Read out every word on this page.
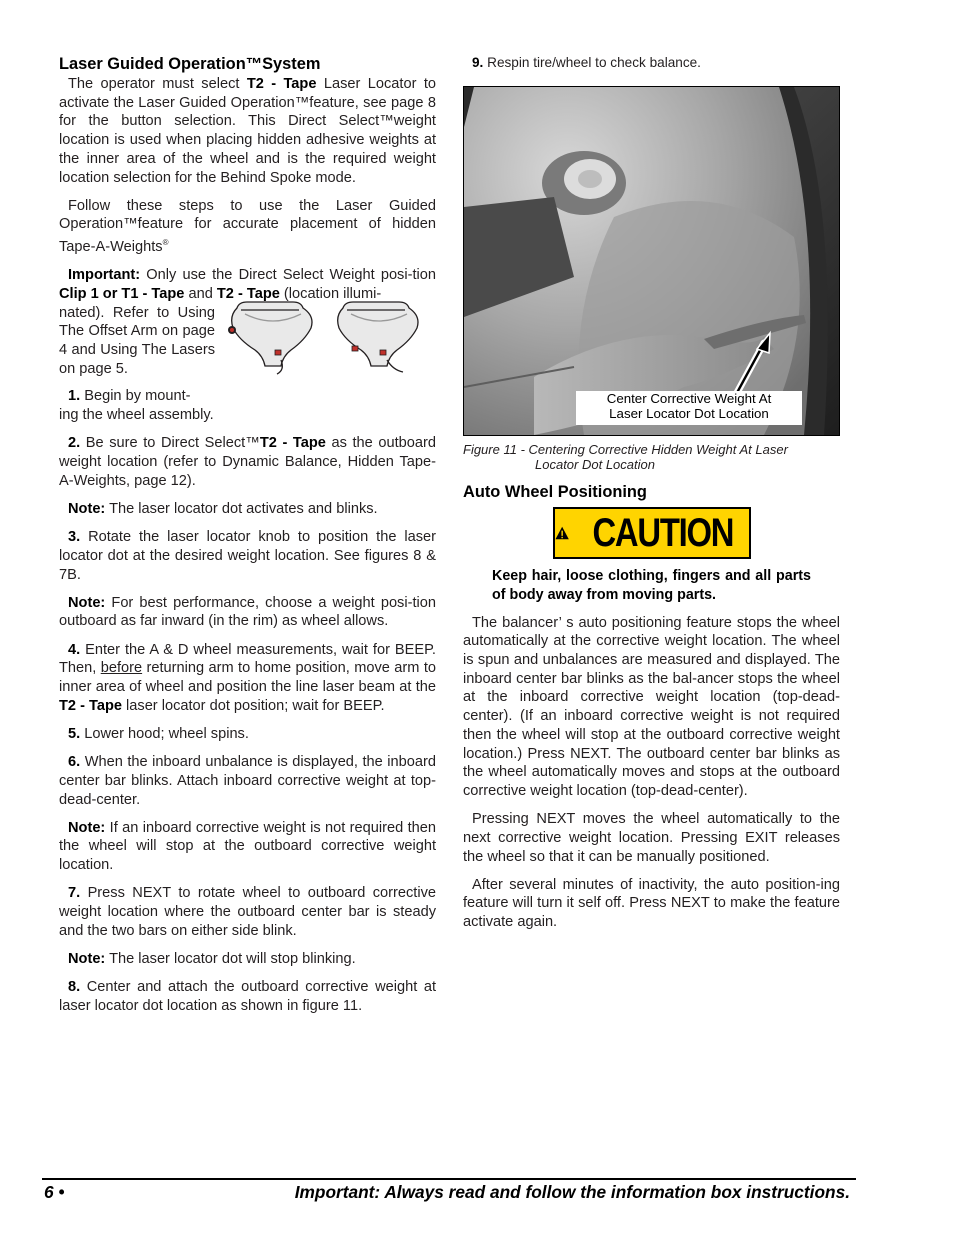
Laser Guided Operation™System

The operator must select T2 - Tape Laser Locator to activate the Laser Guided Operation™feature, see page 8 for the button selection. This Direct Select™weight location is used when placing hidden adhesive weights at the inner area of the wheel and is the required weight location selection for the Behind Spoke mode.

Follow these steps to use the Laser Guided Operation™feature for accurate placement of hidden Tape-A-Weights®

Important: Only use the Direct Select Weight posi-tion Clip 1 or T1 - Tape and T2 - Tape (location illumi-

nated). Refer to Using The Offset Arm on page 4 and Using The Lasers on page 5.

1. Begin by mount-

ing the wheel assembly.

2. Be sure to Direct Select™T2 - Tape as the outboard weight location (refer to Dynamic Balance, Hidden Tape-A-Weights, page 12).

Note: The laser locator dot activates and blinks.

3. Rotate the laser locator knob to position the laser locator dot at the desired weight location. See figures 8 & 7B.

Note: For best performance, choose a weight posi-tion outboard as far inward (in the rim) as wheel allows.

4. Enter the A & D wheel measurements, wait for BEEP. Then, before returning arm to home position, move arm to inner area of wheel and position the line laser beam at the T2 - Tape laser locator dot position; wait for BEEP.

5. Lower hood; wheel spins.

6. When the inboard unbalance is displayed, the inboard center bar blinks. Attach inboard corrective weight at top-dead-center.

Note: If an inboard corrective weight is not required then the wheel will stop at the outboard corrective weight location.

7. Press NEXT to rotate wheel to outboard corrective weight location where the outboard center bar is steady and the two bars on either side blink.

Note: The laser locator dot will stop blinking.

8. Center and attach the outboard corrective weight at laser locator dot location as shown in figure 11.

9. Respin tire/wheel to check balance.

Center Corrective Weight At
Laser Locator Dot Location

Figure 11 - Centering Corrective Hidden Weight At Laser
Locator Dot Location

Auto Wheel Positioning
CAUTION

Keep hair, loose clothing, fingers and all parts of body away from moving parts.

The balancer’ s auto positioning feature stops the wheel automatically at the corrective weight location. The wheel is spun and unbalances are measured and displayed. The inboard center bar blinks as the bal-ancer stops the wheel at the inboard corrective weight location (top-dead-center). (If an inboard corrective weight is not required then the wheel will stop at the outboard corrective weight location.) Press NEXT. The outboard center bar blinks as the wheel automatically moves and stops at the outboard corrective weight location (top-dead-center).

Pressing NEXT moves the wheel automatically to the next corrective weight location. Pressing EXIT releases the wheel so that it can be manually positioned.

After several minutes of inactivity, the auto position-ing feature will turn it self off. Press NEXT to make the feature activate again.

6 •	Important: Always read and follow the information box instructions.
